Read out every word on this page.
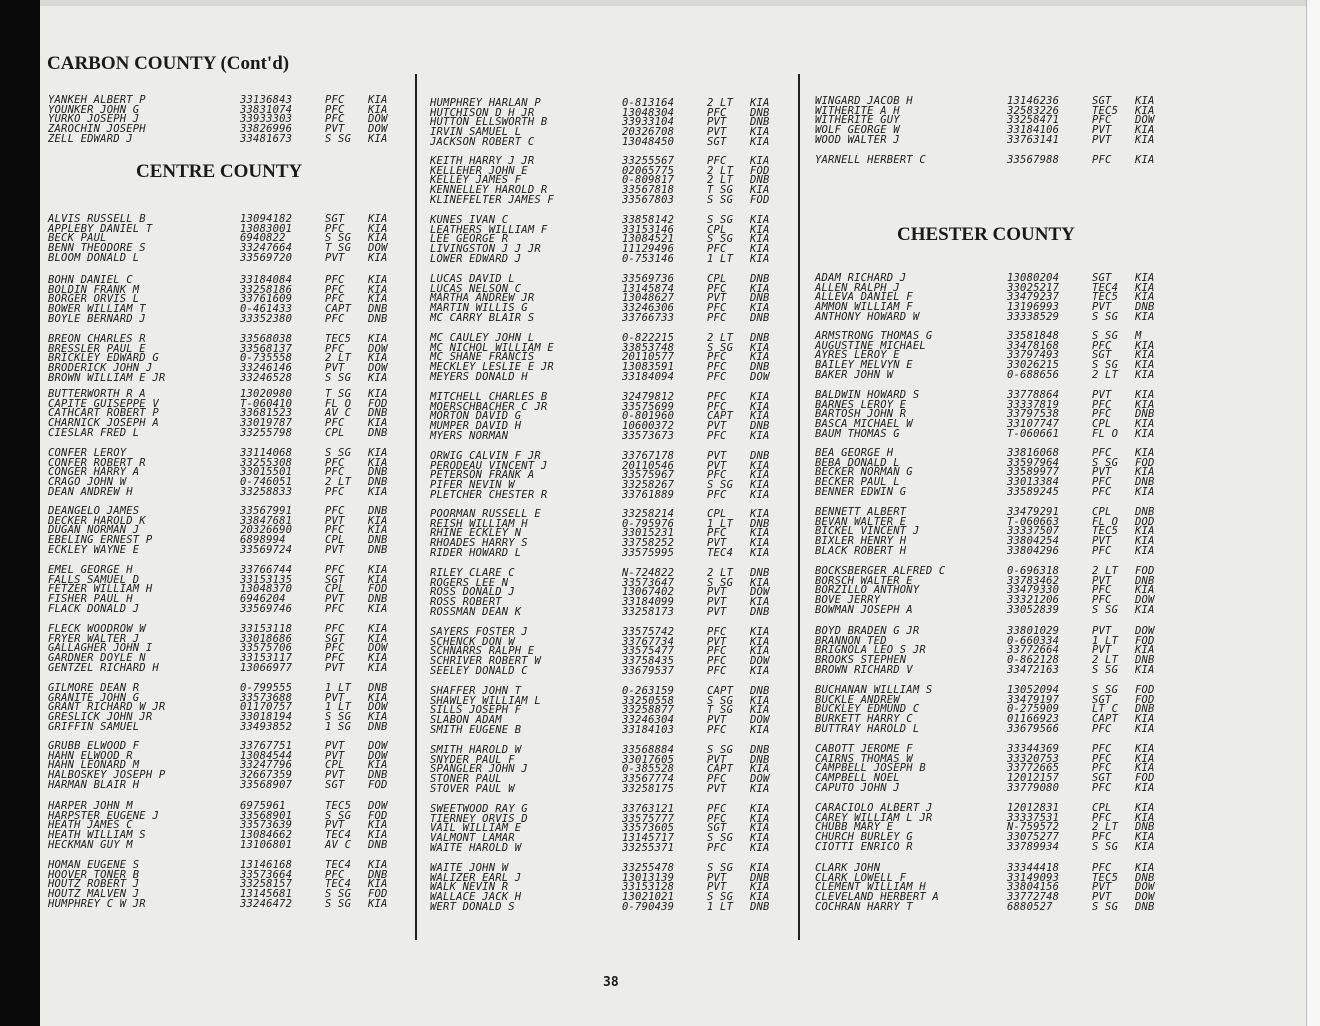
CARBON COUNTY (Cont'd)
CENTRE COUNTY
CHESTER COUNTY
YANKEH ALBERT P	33136843	PFC KIA
YOUNKER JOHN G	33831074	PFC KIA
YURKO JOSEPH J	33933303	PFC DOW
ZAROCHIN JOSEPH	33826996	PVT DOW
ZELL EDWARD J	33481673	S SG KIA
ALVIS RUSSELL B	13094182	SGT KIA
APPLEBY DANIEL T	13083001	PFC KIA
BECK PAUL	6940822	S SG KIA
BENN THEODORE S	33247664	T SG DOW
BLOOM DONALD L	33569720	PVT KIA
BOHN DANIEL C	33184084	PFC KIA
BOLDIN FRANK M	33258186	PFC KIA
BORGER ORVIS L	33761609	PFC KIA
BOWER WILLIAM T	0-461433	CAPT DNB
BOYLE BERNARD J	33352380	PFC DNB
BREON CHARLES R	33568038	TEC5 KIA
BRESSLER PAUL E	33568137	PFC DOW
BRICKLEY EDWARD G	0-735558	2 LT KIA
BRODERICK JOHN J	33246146	PVT DOW
BROWN WILLIAM E JR	33246528	S SG KIA
BUTTERWORTH R A	13020980	T SG KIA
CAPITE GUISEPPE V	T-060410	FL O FOD
CATHCART ROBERT P	33681523	AV C DNB
CHARNICK JOSEPH A	33019787	PFC KIA
CIESLAR FRED L	33255798	CPL DNB
CONFER LEROY	33114068	S SG KIA
CONFER ROBERT R	33255308	PFC KIA
CONGER HARRY A	33015501	PFC DNB
CRAGO JOHN W	0-746051	2 LT DNB
DEAN ANDREW H	33258833	PFC KIA
DEANGELO JAMES	33567991	PFC DNB
DECKER HAROLD K	33847681	PVT KIA
DUGAN NORMAN J	20326690	PFC KIA
EBELING ERNEST P	6898994	CPL DNB
ECKLEY WAYNE E	33569724	PVT DNB
EMEL GEORGE H	33766744	PFC KIA
FALLS SAMUEL D	33153135	SGT KIA
FETZER WILLIAM H	13048370	CPL FOD
FISHER PAUL H	6946204	PVT DNB
FLACK DONALD J	33569746	PFC KIA
FLECK WOODROW W	33153118	PFC KIA
FRYER WALTER J	33018686	SGT KIA
GALLAGHER JOHN I	33575706	PFC DOW
GARDNER DOYLE N	33153117	PFC KIA
GENTZEL RICHARD H	13066977	PVT KIA
GILMORE DEAN R	0-799555	1 LT DNB
GRANITE JOHN G	33573688	PVT KIA
GRANT RICHARD W JR	01170757	1 LT DOW
GRESLICK JOHN JR	33018194	S SG KIA
GRIFFIN SAMUEL	33493852	1 SG DNB
GRUBB ELWOOD F	33767751	PVT DOW
HAHN ELWOOD R	13084544	PVT DOW
HAHN LEONARD M	33247796	CPL KIA
HALBOSKEY JOSEPH P	32667359	PVT DNB
HARMAN BLAIR H	33568907	SGT FOD
HARPER JOHN M	6975961	TEC5 DOW
HARPSTER EUGENE J	33568901	S SG FOD
HEATH JAMES C	33573639	PVT KIA
HEATH WILLIAM S	13084662	TEC4 KIA
HECKMAN GUY M	13106801	AV C DNB
HOMAN EUGENE S	13146168	TEC4 KIA
HOOVER TONER B	33573664	PFC DNB
HOUTZ ROBERT J	33258157	TEC4 KIA
HOUTZ MALVEN J	13145681	S SG FOD
HUMPHREY C W JR	33246472	S SG KIA
HUMPHREY HARLAN P	0-813164	2 LT KIA
HUTCHISON D H JR	13048304	PFC DNB
HUTTON ELLSWORTH B	33933104	PVT DNB
IRVIN SAMUEL L	20326708	PVT KIA
JACKSON ROBERT C	13048450	SGT KIA
KEITH HARRY J JR	33255567	PFC KIA
KELLEHER JOHN E	02065775	2 LT FOD
KELLEY JAMES F	0-809817	2 LT DNB
KENNELLEY HAROLD R	33567818	T SG KIA
KLINEFELTER JAMES F	33567803	S SG FOD
KUNES IVAN C	33858142	S SG KIA
LEATHERS WILLIAM F	33153146	CPL KIA
LEE GEORGE R	13084521	S SG KIA
LIVINGSTON J J JR	11129496	PFC KIA
LOWER EDWARD J	0-753146	1 LT KIA
LUCAS DAVID L	33569736	CPL DNB
LUCAS NELSON C	13145874	PFC KIA
MARTHA ANDREW JR	13048627	PVT DNB
MARTIN WILLIS G	33246306	PFC KIA
MC CARRY BLAIR S	33766733	PFC DNB
MC CAULEY JOHN L	0-822215	2 LT DNB
MC NICHOL WILLIAM E	33853748	S SG KIA
MC SHANE FRANCIS	20110577	PFC KIA
MECKLEY LESLIE E JR	13083591	PFC DNB
MEYERS DONALD H	33184094	PFC DOW
MITCHELL CHARLES B	32479812	PFC KIA
MOERSCHBACHER C JR	33575699	PFC KIA
MORTON DAVID G	0-801960	CAPT KIA
MUMPER DAVID H	10600372	PVT DNB
MYERS NORMAN	33573673	PFC KIA
ORWIG CALVIN F JR	33767178	PVT DNB
PERODEAU VINCENT J	20110546	PVT KIA
PETERSON FRANK A	33575967	PFC KIA
PIFER NEVIN W	33258267	S SG KIA
PLETCHER CHESTER R	33761889	PFC KIA
POORMAN RUSSELL E	33258214	CPL KIA
REISH WILLIAM H	0-795976	1 LT DNB
RHINE ECKLEY N	33015231	PFC KIA
RHOADES HARRY S	33758252	PVT KIA
RIDER HOWARD L	33575995	TEC4 KIA
RILEY CLARE C	N-724822	2 LT DNB
ROGERS LEE N	33573647	S SG KIA
ROSS DONALD J	13067402	PVT DOW
ROSS ROBERT	33184099	PVT KIA
ROSSMAN DEAN K	33258173	PVT DNB
SAYERS FOSTER J	33575742	PFC KIA
SCHENCK DON W	33767734	PVT KIA
SCHNARRS RALPH E	33575477	PFC KIA
SCHRIVER ROBERT W	33758435	PFC DOW
SEELEY DONALD C	33679537	PFC KIA
SHAFFER JOHN T	0-263159	CAPT DNB
SHAWLEY WILLIAM L	33250558	S SG KIA
SILLS JOSEPH F	33258877	T SG KIA
SLABON ADAM	33246304	PVT DOW
SMITH EUGENE B	33184103	PFC KIA
SMITH HAROLD W	33568884	S SG DNB
SNYDER PAUL F	33017605	PVT DNB
SPANGLER JOHN J	0-385528	CAPT KIA
STONER PAUL	33567774	PFC DOW
STOVER PAUL W	33258175	PVT KIA
SWEETWOOD RAY G	33763121	PFC KIA
TIERNEY ORVIS D	33575777	PFC KIA
VAIL WILLIAM E	33573605	SGT KIA
VALMONT LAMAR	13145717	S SG KIA
WAITE HAROLD W	33255371	PFC KIA
WAITE JOHN W	33255478	S SG KIA
WALIZER EARL J	13013139	PVT DNB
WALK NEVIN R	33153128	PVT KIA
WALLACE JACK H	13021021	S SG KIA
WERT DONALD S	0-790439	1 LT DNB
WINGARD JACOB H	13146236	SGT KIA
WITHERITE A H	32583226	TEC5 KIA
WITHERITE GUY	33258471	PFC DOW
WOLF GEORGE W	33184106	PVT KIA
WOOD WALTER J	33763141	PVT KIA
YARNELL HERBERT C	33567988	PFC KIA
ADAM RICHARD J	13080204	SGT KIA
ALLEN RALPH J	33025217	TEC4 KIA
ALLEVA DANIEL F	33479237	TEC5 KIA
AMMON WILLIAM F	13196993	PVT DNB
ANTHONY HOWARD W	33338529	S SG KIA
ARMSTRONG THOMAS G	33581848	S SG M
AUGUSTINE MICHAEL	33478168	PFC KIA
AYRES LEROY E	33797493	SGT KIA
BAILEY MELVYN E	33026215	S SG KIA
BAKER JOHN W	0-688656	2 LT KIA
BALDWIN HOWARD S	33778864	PVT KIA
BARNES LEROY E	33337819	PFC KIA
BARTOSH JOHN R	33797538	PFC DNB
BASCA MICHAEL W	33107747	CPL KIA
BAUM THOMAS G	T-060661	FL O KIA
BEA GEORGE H	33816068	PFC KIA
BEBA DONALD L	33597964	S SG FOD
BECKER NORMAN G	33589977	PVT KIA
BECKER PAUL L	33013384	PFC DNB
BENNER EDWIN G	33589245	PFC KIA
BENNETT ALBERT	33479291	CPL DNB
BEVAN WALTER E	T-060663	FL O DOD
BICKEL VINCENT J	33337507	TEC5 KIA
BIXLER HENRY H	33804254	PVT KIA
BLACK ROBERT H	33804296	PFC KIA
BOCKSBERGER ALFRED C	0-696318	2 LT FOD
BORSCH WALTER E	33783462	PVT DNB
BORZILLO ANTHONY	33479330	PFC KIA
BOVE JERRY	33321206	PFC DOW
BOWMAN JOSEPH A	33052839	S SG KIA
BOYD BRADEN G JR	33801029	PVT DOW
BRANNON TED	0-660334	1 LT FOD
BRIGNOLA LEO S JR	33772664	PVT KIA
BROOKS STEPHEN	0-862128	2 LT DNB
BROWN RICHARD V	33472163	S SG KIA
BUCHANAN WILLIAM S	13052094	S SG FOD
BUCKLE ANDREW	33479197	SGT FOD
BUCKLEY EDMUND C	0-275909	LT C DNB
BURKETT HARRY C	01166923	CAPT KIA
BUTTRAY HAROLD L	33679566	PFC KIA
CABOTT JEROME F	33344369	PFC KIA
CAIRNS THOMAS W	33320753	PFC KIA
CAMPBELL JOSEPH B	33772665	PFC KIA
CAMPBELL NOEL	12012157	SGT FOD
CAPUTO JOHN J	33779080	PFC KIA
CARACIOLO ALBERT J	12012831	CPL KIA
CAREY WILLIAM L JR	33337531	PFC KIA
CHUBB MARY E	N-759572	2 LT DNB
CHURCH BURLEY G	33075277	PFC KIA
CIOTTI ENRICO R	33789934	S SG KIA
CLARK JOHN	33344418	PFC KIA
CLARK LOWELL F	33149093	TEC5 DNB
CLEMENT WILLIAM H	33804156	PVT DOW
CLEVELAND HERBERT A	33772748	PVT DOW
COCHRAN HARRY T	6880527	S SG DNB
38
